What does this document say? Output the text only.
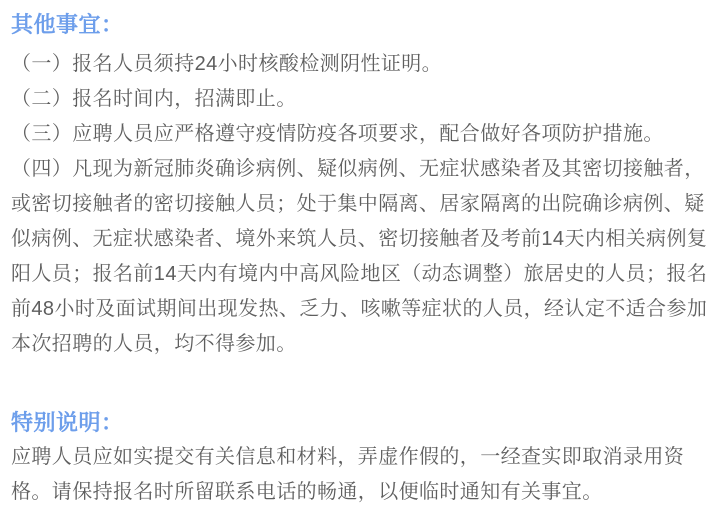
其他事宜：

（一）报名人员须持24小时核酸检测阴性证明。

（二）报名时间内，招满即止。

（三）应聘人员应严格遵守疫情防疫各项要求，配合做好各项防护措施。

（四）凡现为新冠肺炎确诊病例、疑似病例、无症状感染者及其密切接触者，

或密切接触者的密切接触人员；处于集中隔离、居家隔离的出院确诊病例、疑

似病例、无症状感染者、境外来筑人员、密切接触者及考前14天内相关病例复

阳人员；报名前14天内有境内中高风险地区（动态调整）旅居史的人员；报名

前48小时及面试期间出现发热、乏力、咳嗽等症状的人员，经认定不适合参加

本次招聘的人员，均不得参加。

特别说明：

应聘人员应如实提交有关信息和材料，弄虚作假的，一经查实即取消录用资

格。请保持报名时所留联系电话的畅通，以便临时通知有关事宜。
